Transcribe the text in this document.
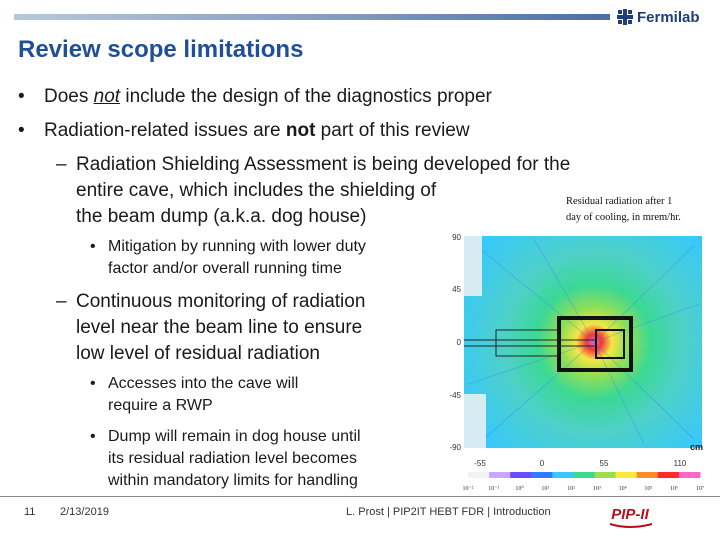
Fermilab
Review scope limitations
• Does not include the design of the diagnostics proper
• Radiation-related issues are not part of this review
– Radiation Shielding Assessment is being developed for the
entire cave, which includes the shielding of
the beam dump (a.k.a. dog house)
• Mitigation by running with lower duty
factor and/or overall running time
– Continuous monitoring of radiation
level near the beam line to ensure
low level of residual radiation
• Accesses into the cave will
require a RWP
• Dump will remain in dog house until
its residual radiation level becomes
within mandatory limits for handling
Residual radiation after 1
day of cooling, in mrem/hr.
90
45
0
-45
-90
-55	0	55	110
cm
10⁻² 10⁻¹	10⁰	10¹	10²	10³	10⁴	10⁵	10⁶	10⁷
11 2/13/2019	L. Prost | PIP2IT HEBT FDR | Introduction	PIP-II
